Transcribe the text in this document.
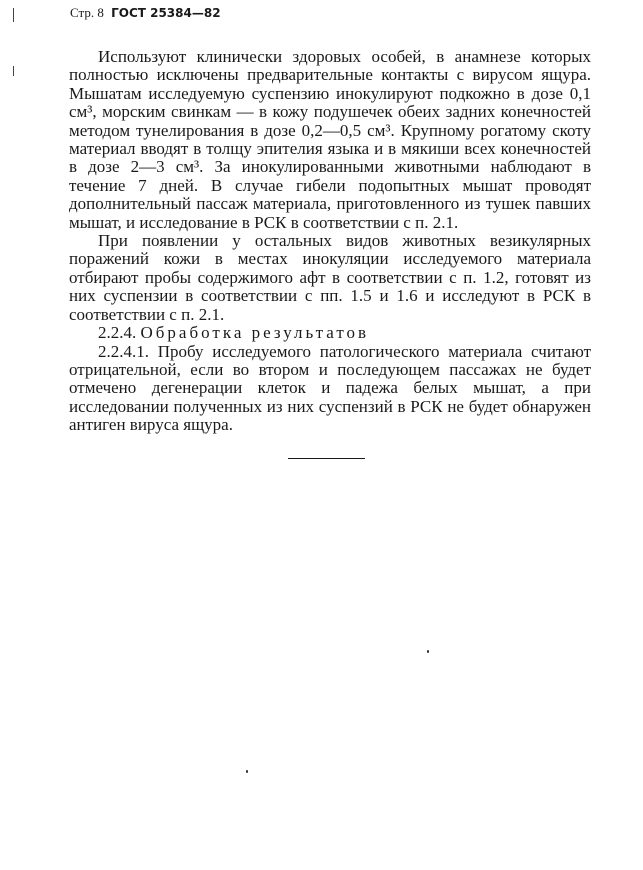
Стр. 8 ГОСТ 25384—82

Используют клинически здоровых особей, в анамнезе которых полностью исключены предварительные контакты с вирусом ящура. Мышатам исследуемую суспензию инокулируют подкожно в дозе 0,1 см³, морским свинкам — в кожу подушечек обеих задних конечностей методом тунелирования в дозе 0,2—0,5 см³. Крупному рогатому скоту материал вводят в толщу эпителия языка и в мякиши всех конечностей в дозе 2—3 см³. За инокулированными животными наблюдают в течение 7 дней. В случае гибели подопытных мышат проводят дополнительный пассаж материала, приготовленного из тушек павших мышат, и исследование в РСК в соответствии с п. 2.1.

При появлении у остальных видов животных везикулярных поражений кожи в местах инокуляции исследуемого материала отбирают пробы содержимого афт в соответствии с п. 1.2, готовят из них суспензии в соответствии с пп. 1.5 и 1.6 и исследуют в РСК в соответствии с п. 2.1.

2.2.4. Обработка результатов

2.2.4.1. Пробу исследуемого патологического материала считают отрицательной, если во втором и последующем пассажах не будет отмечено дегенерации клеток и падежа белых мышат, а при исследовании полученных из них суспензий в РСК не будет обнаружен антиген вируса ящура.
